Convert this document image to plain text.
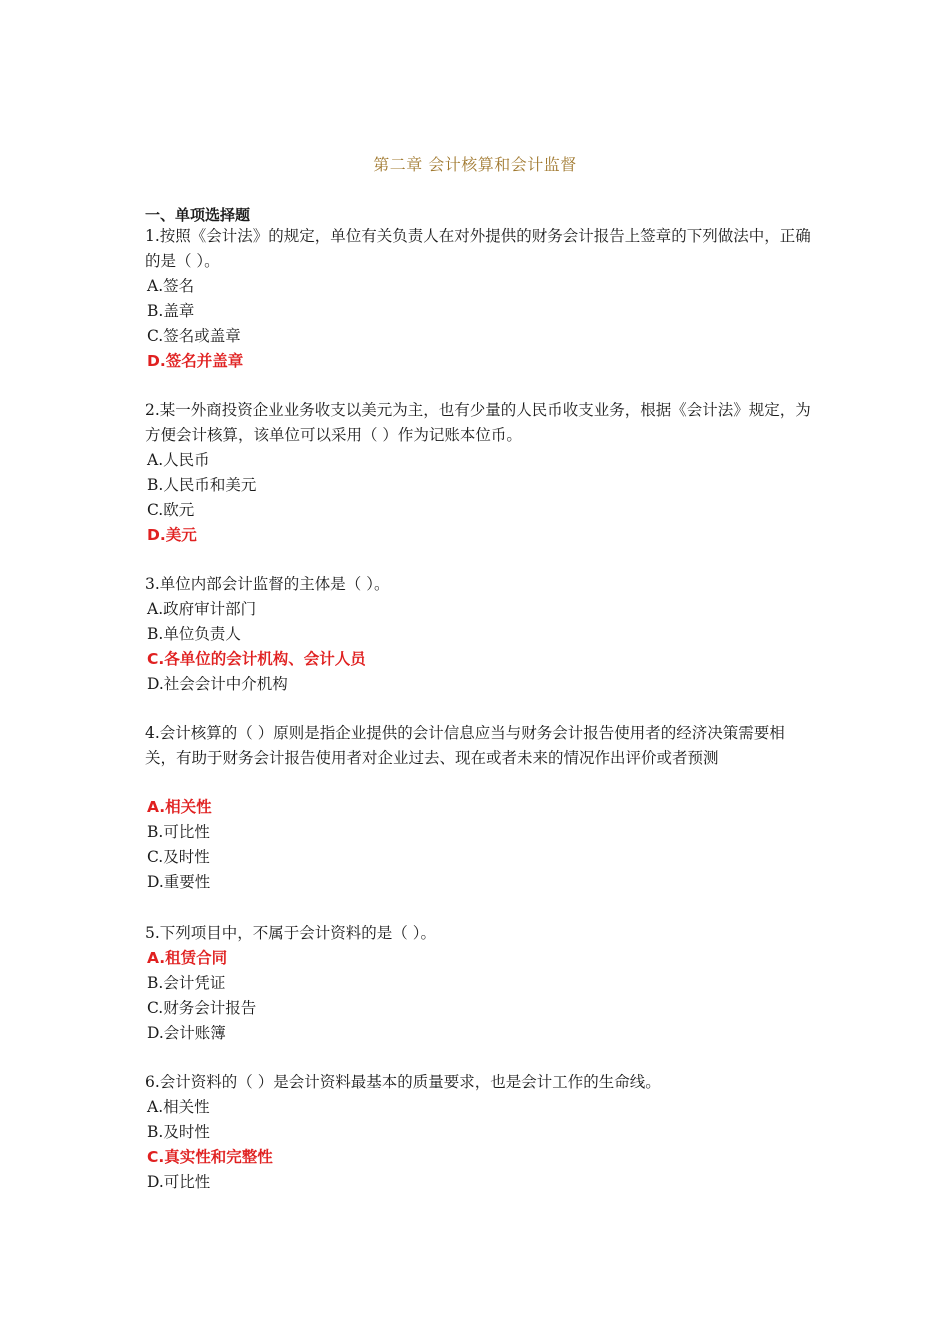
第二章 会计核算和会计监督
一、单项选择题

1.按照《会计法》的规定，单位有关负责人在对外提供的财务会计报告上签章的下列做法中，正确的是（ ）。

A.签名

B.盖章

C.签名或盖章

D.签名并盖章

2.某一外商投资企业业务收支以美元为主，也有少量的人民币收支业务，根据《会计法》规定，为方便会计核算，该单位可以采用（ ）作为记账本位币。

A.人民币

B.人民币和美元

C.欧元

D.美元

3.单位内部会计监督的主体是（ ）。

A.政府审计部门

B.单位负责人

C.各单位的会计机构、会计人员

D.社会会计中介机构

4.会计核算的（ ）原则是指企业提供的会计信息应当与财务会计报告使用者的经济决策需要相关，有助于财务会计报告使用者对企业过去、现在或者未来的情况作出评价或者预测

A.相关性

B.可比性

C.及时性

D.重要性

5.下列项目中，不属于会计资料的是（ ）。

A.租赁合同

B.会计凭证

C.财务会计报告

D.会计账簿

6.会计资料的（ ）是会计资料最基本的质量要求，也是会计工作的生命线。

A.相关性

B.及时性

C.真实性和完整性

D.可比性
